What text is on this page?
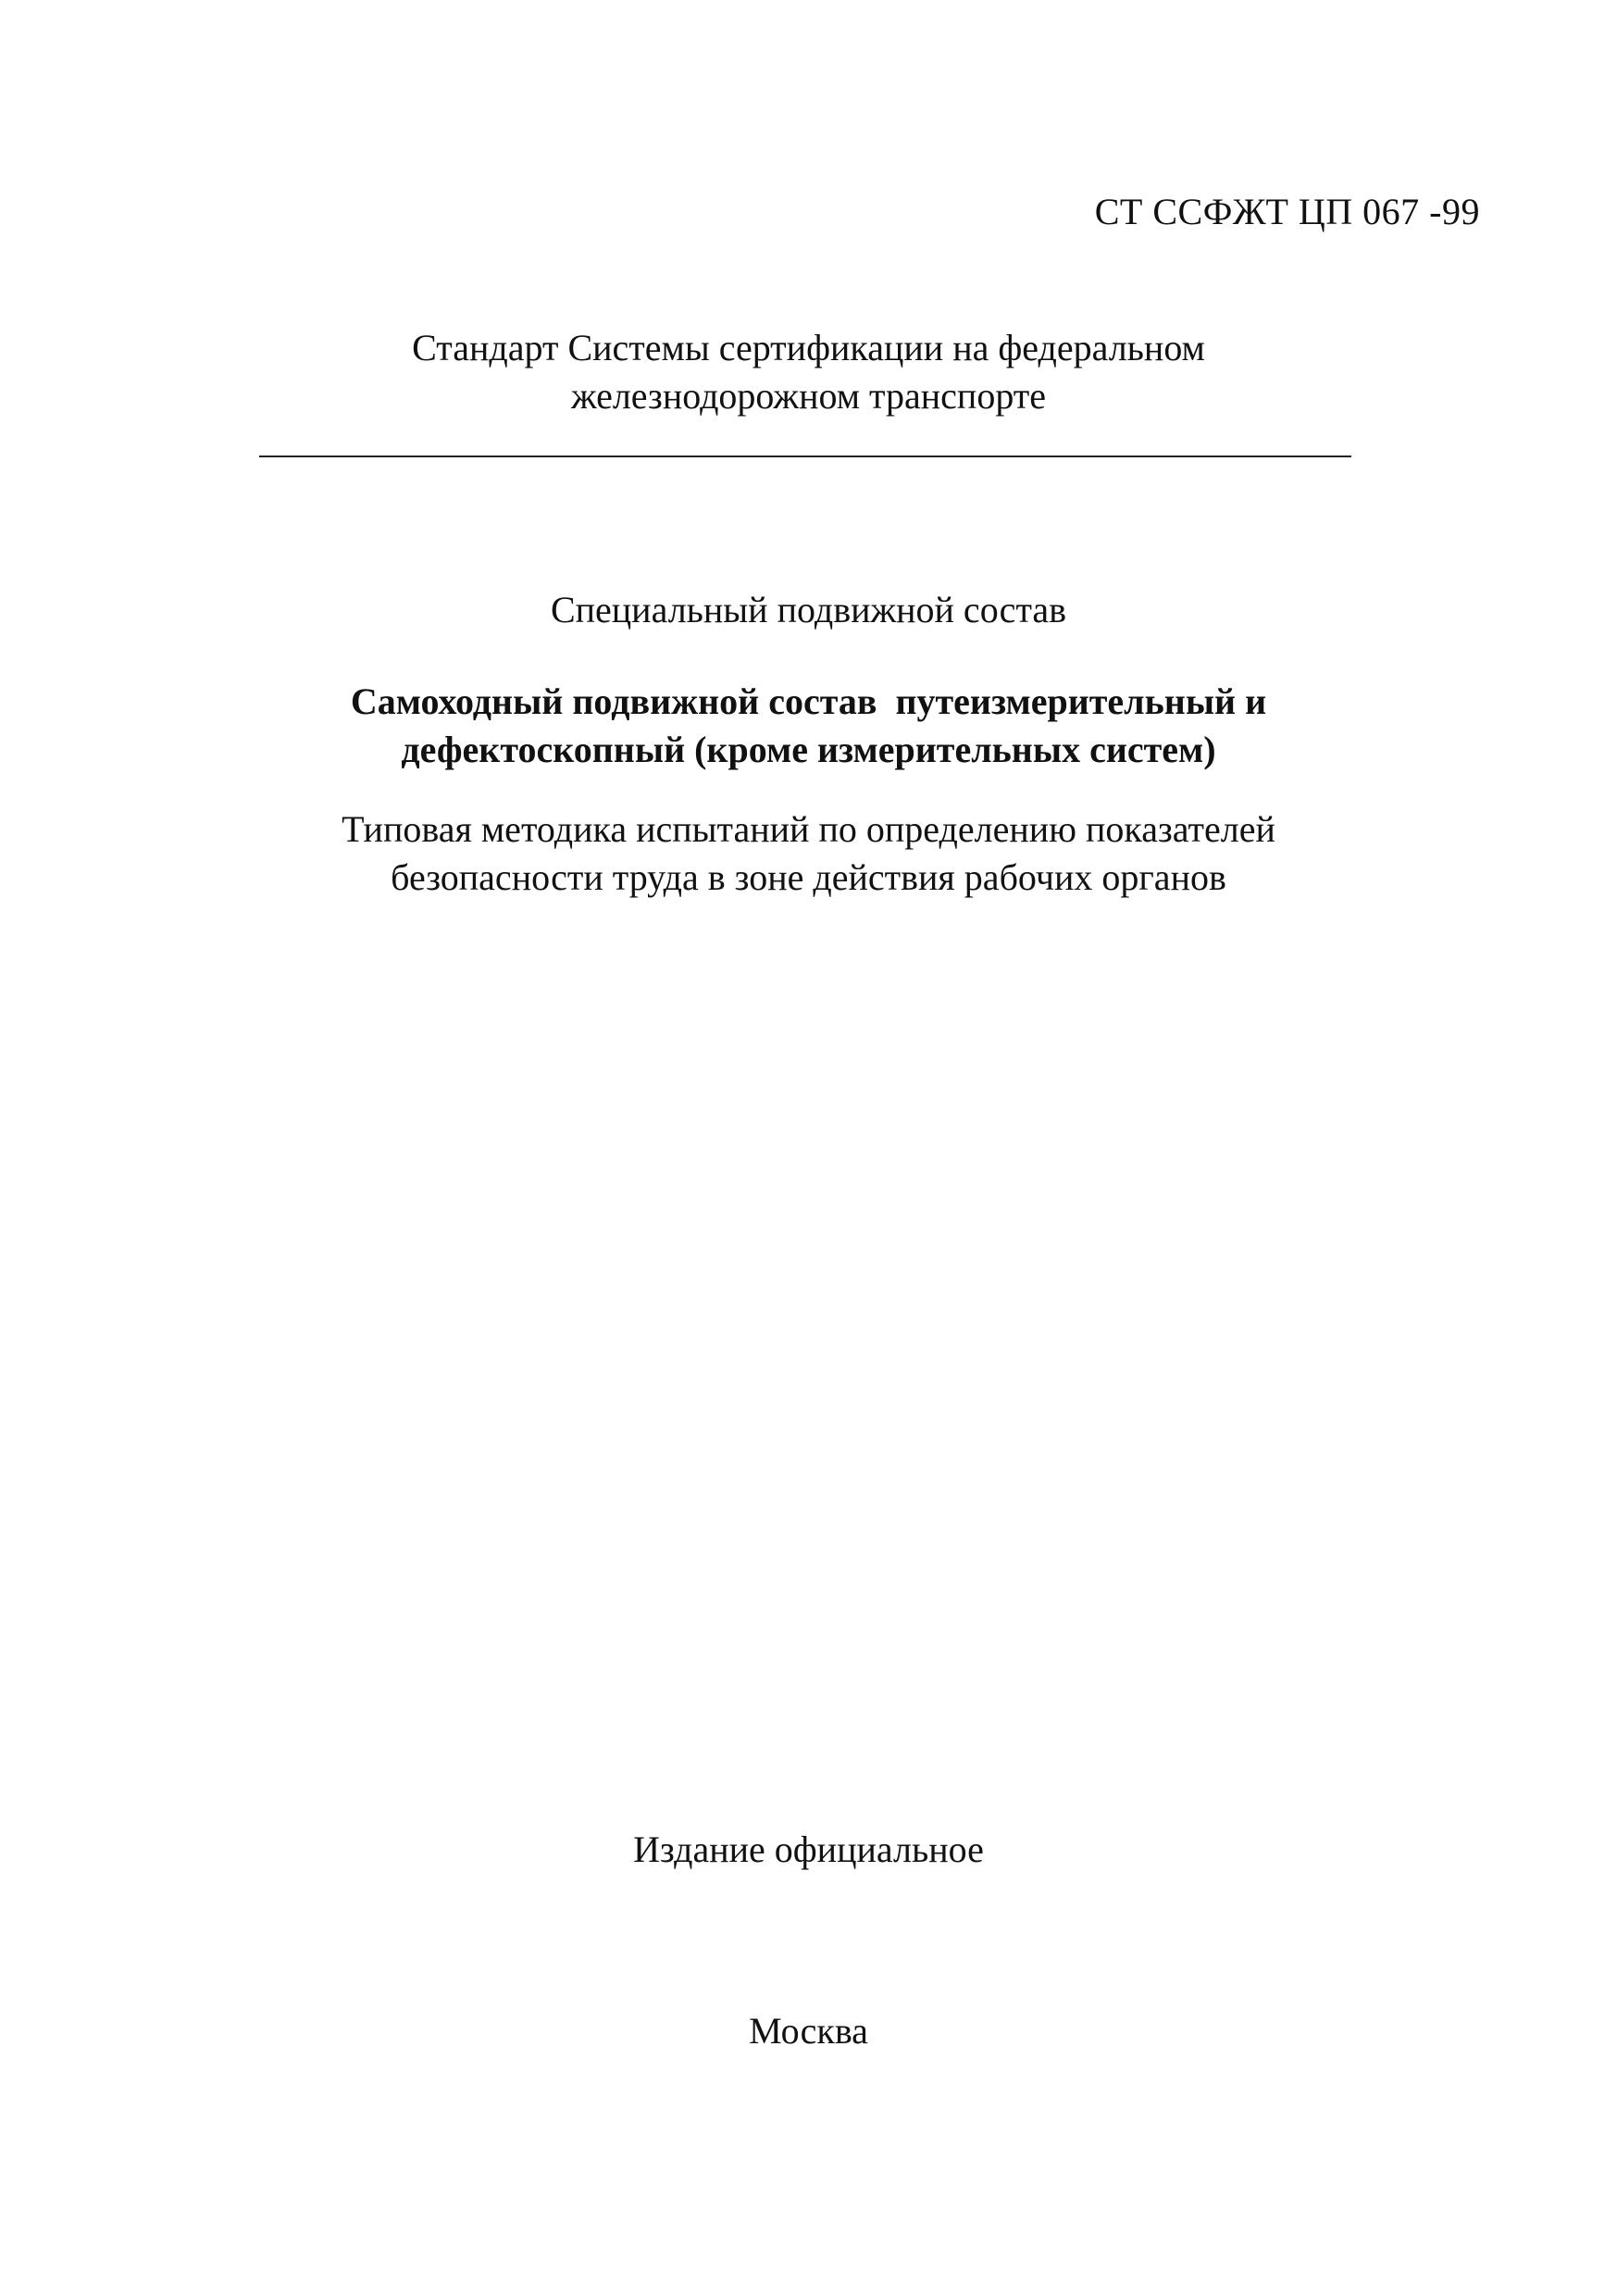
СТ ССФЖТ ЦП 067 -99
Стандарт Системы сертификации на федеральном
железнодорожном транспорте
Специальный подвижной состав
Самоходный подвижной состав  путеизмерительный и
дефектоскопный (кроме измерительных систем)
Типовая методика испытаний по определению показателей
безопасности труда в зоне действия рабочих органов
Издание официальное
Москва
